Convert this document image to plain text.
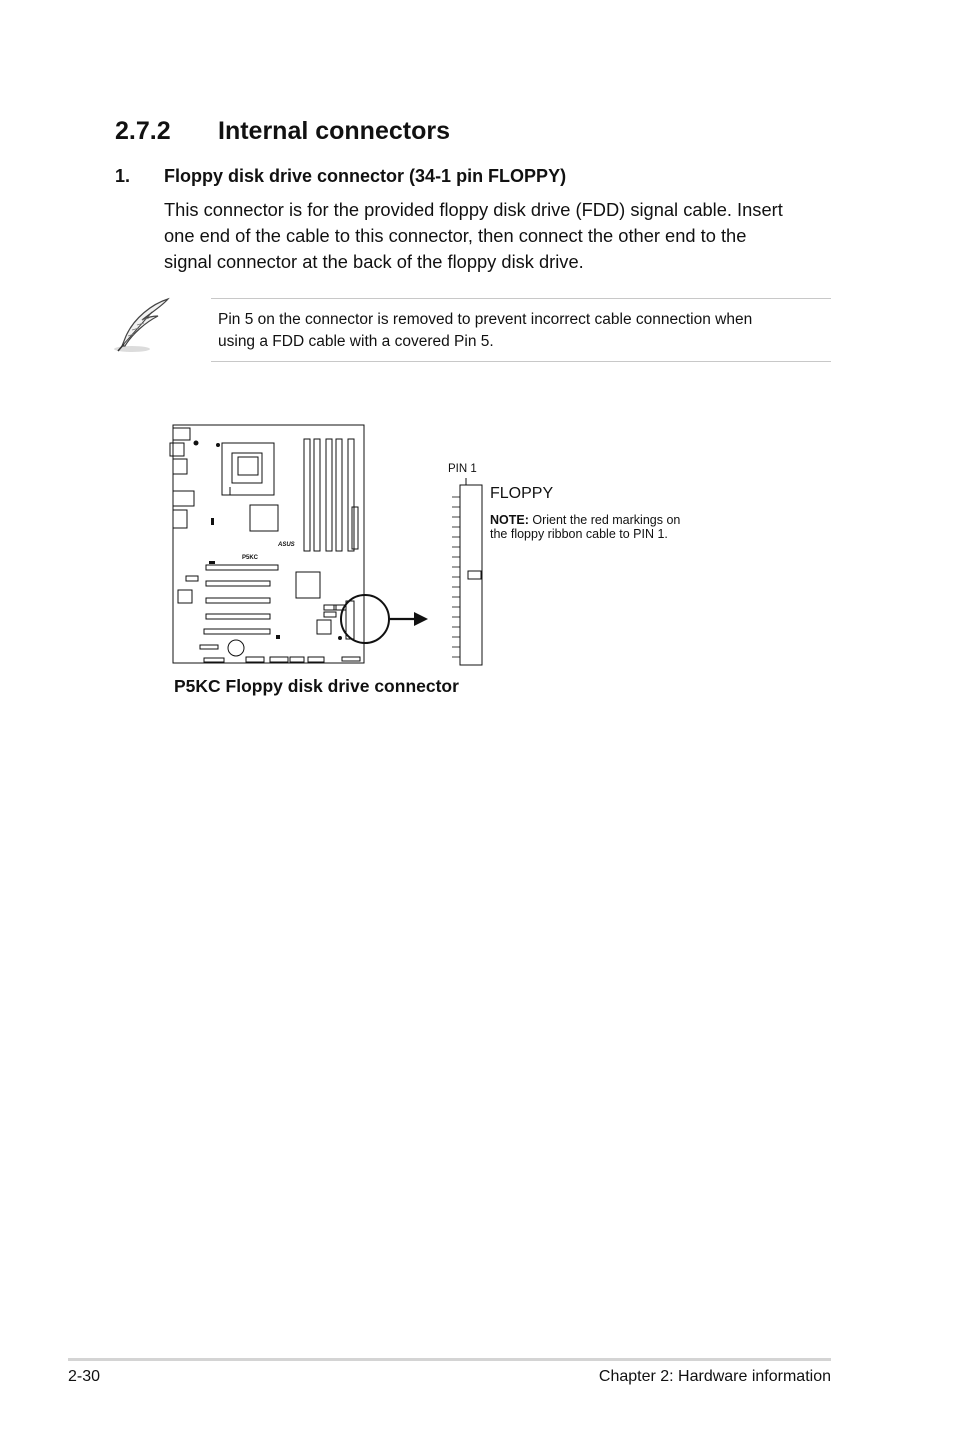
2.7.2 Internal connectors
1. Floppy disk drive connector (34-1 pin FLOPPY)
This connector is for the provided floppy disk drive (FDD) signal cable. Insert
one end of the cable to this connector, then connect the other end to the
signal connector at the back of the floppy disk drive.
Pin 5 on the connector is removed to prevent incorrect cable connection when
using a FDD cable with a covered Pin 5.
P5KC
ASUS
PIN 1
FLOPPY
NOTE: Orient the red markings on
the floppy ribbon cable to PIN 1.
P5KC Floppy disk drive connector
2-30	Chapter 2: Hardware information
